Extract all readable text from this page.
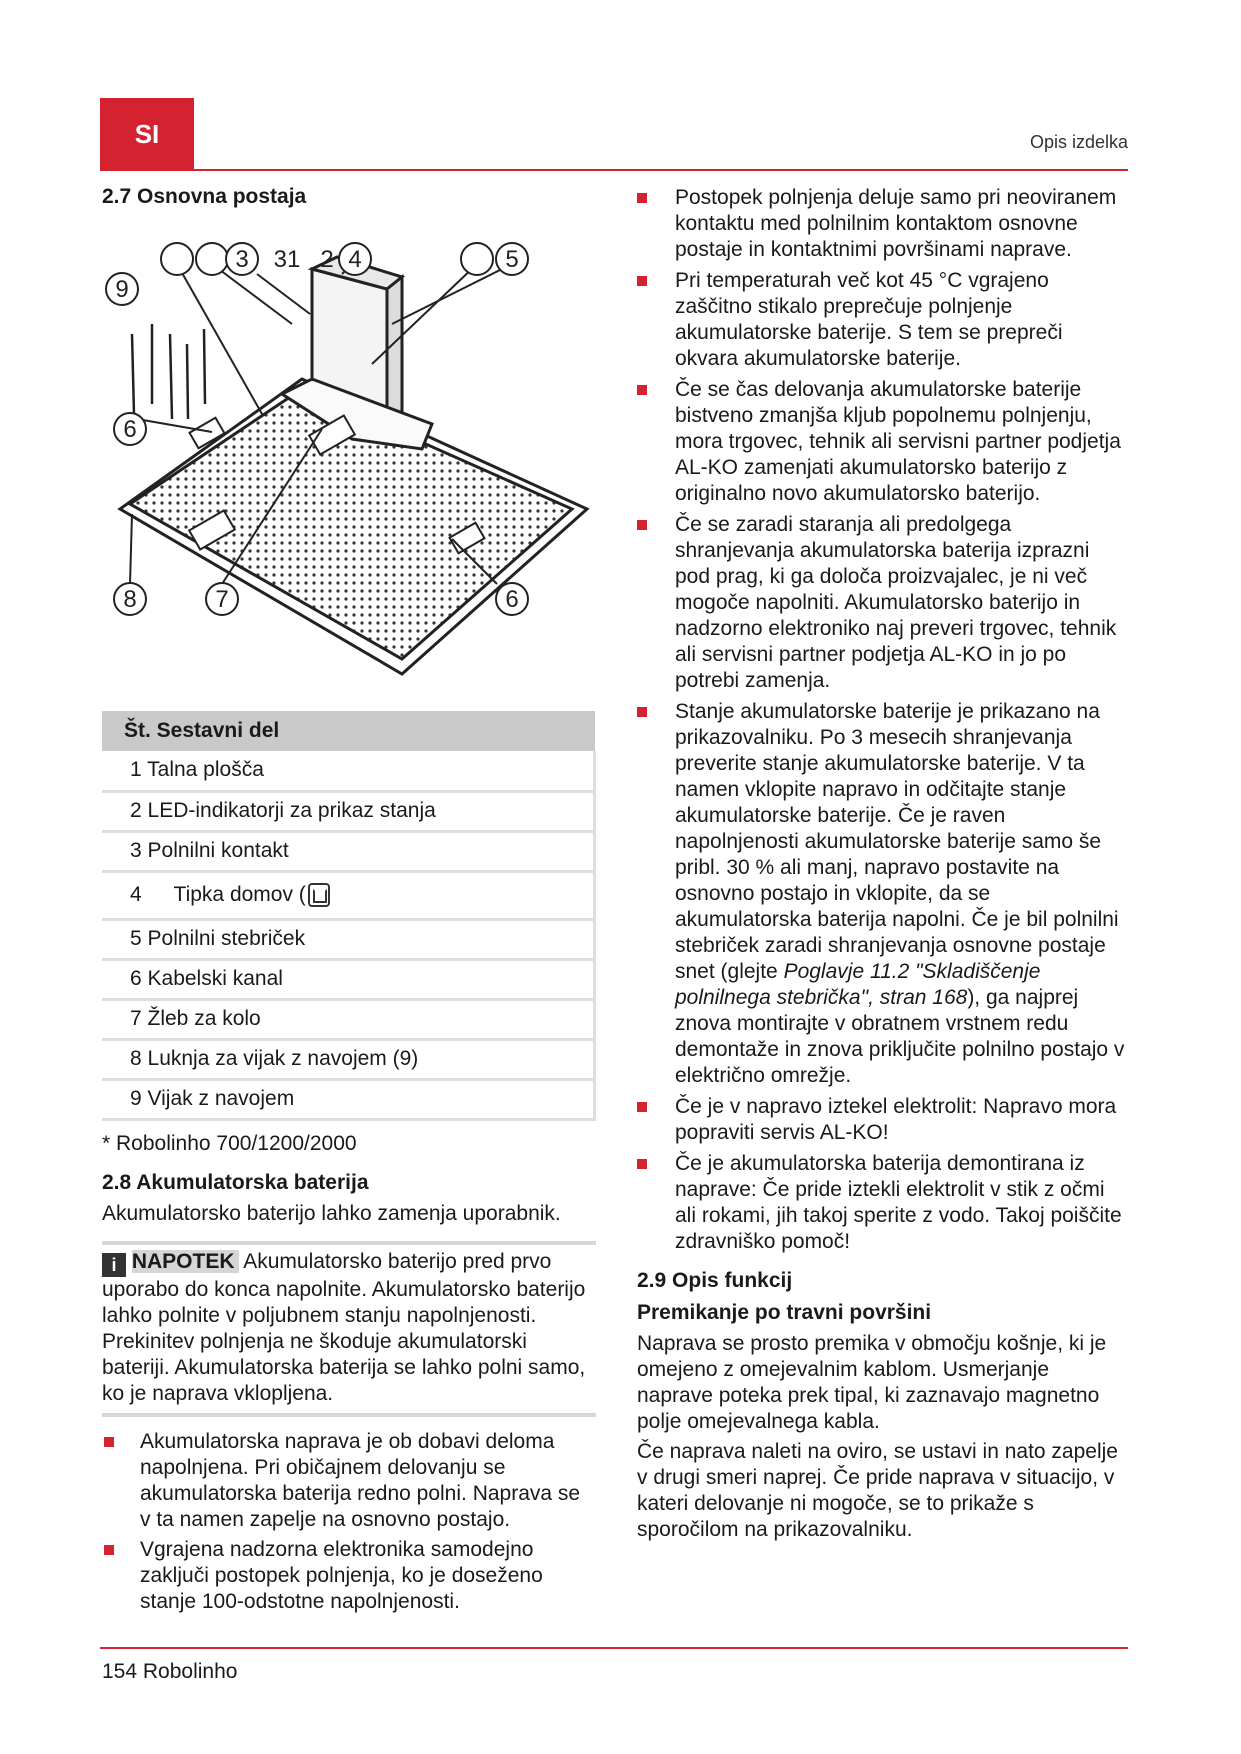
SI	Opis izdelka
2.7 Osnovna postaja
9
3 31 2 4	5
6
8	7	6
Št. Sestavni del
1 Talna plošča
2 LED-indikatorji za prikaz stanja
3 Polnilni kontakt
4 Tipka domov (
5 Polnilni stebriček
6 Kabelski kanal
7 Žleb za kolo
8 Luknja za vijak z navojem (9)
9 Vijak z navojem

* Robolinho 700/1200/2000

2.8 Akumulatorska baterija

Akumulatorsko baterijo lahko zamenja uporabnik.

i NAPOTEK Akumulatorsko baterijo pred prvo uporabo do konca napolnite. Akumulatorsko baterijo lahko polnite v poljubnem stanju napolnjenosti. Prekinitev polnjenja ne škoduje akumulatorski bateriji. Akumulatorska baterija se lahko polni samo, ko je naprava vklopljena.

Akumulatorska naprava je ob dobavi deloma napolnjena. Pri običajnem delovanju se akumulatorska baterija redno polni. Naprava se v ta namen zapelje na osnovno postajo.
Vgrajena nadzorna elektronika samodejno zaključi postopek polnjenja, ko je doseženo stanje 100-odstotne napolnjenosti.
Postopek polnjenja deluje samo pri neoviranem kontaktu med polnilnim kontaktom osnovne postaje in kontaktnimi površinami naprave.
Pri temperaturah več kot 45 °C vgrajeno zaščitno stikalo preprečuje polnjenje akumulatorske baterije. S tem se prepreči okvara akumulatorske baterije.
Če se čas delovanja akumulatorske baterije bistveno zmanjša kljub popolnemu polnjenju, mora trgovec, tehnik ali servisni partner podjetja AL-KO zamenjati akumulatorsko baterijo z originalno novo akumulatorsko baterijo.
Če se zaradi staranja ali predolgega shranjevanja akumulatorska baterija izprazni pod prag, ki ga določa proizvajalec, je ni več mogoče napolniti. Akumulatorsko baterijo in nadzorno elektroniko naj preveri trgovec, tehnik ali servisni partner podjetja AL-KO in jo po potrebi zamenja.
Stanje akumulatorske baterije je prikazano na prikazovalniku. Po 3 mesecih shranjevanja preverite stanje akumulatorske baterije. V ta namen vklopite napravo in odčitajte stanje akumulatorske baterije. Če je raven napolnjenosti akumulatorske baterije samo še pribl. 30 % ali manj, napravo postavite na osnovno postajo in vklopite, da se akumulatorska baterija napolni. Če je bil polnilni stebriček zaradi shranjevanja osnovne postaje snet (glejte Poglavje 11.2 "Skladiščenje polnilnega stebrička", stran 168), ga najprej znova montirajte v obratnem vrstnem redu demontaže in znova priključite polnilno postajo v električno omrežje.
Če je v napravo iztekel elektrolit: Napravo mora popraviti servis AL-KO!
Če je akumulatorska baterija demontirana iz naprave: Če pride iztekli elektrolit v stik z očmi ali rokami, jih takoj sperite z vodo. Takoj poiščite zdravniško pomoč!
2.9 Opis funkcij
Premikanje po travni površini

Naprava se prosto premika v območju košnje, ki je omejeno z omejevalnim kablom. Usmerjanje naprave poteka prek tipal, ki zaznavajo magnetno polje omejevalnega kabla.

Če naprava naleti na oviro, se ustavi in nato zapelje v drugi smeri naprej. Če pride naprava v situacijo, v kateri delovanje ni mogoče, se to prikaže s sporočilom na prikazovalniku.

154 Robolinho
